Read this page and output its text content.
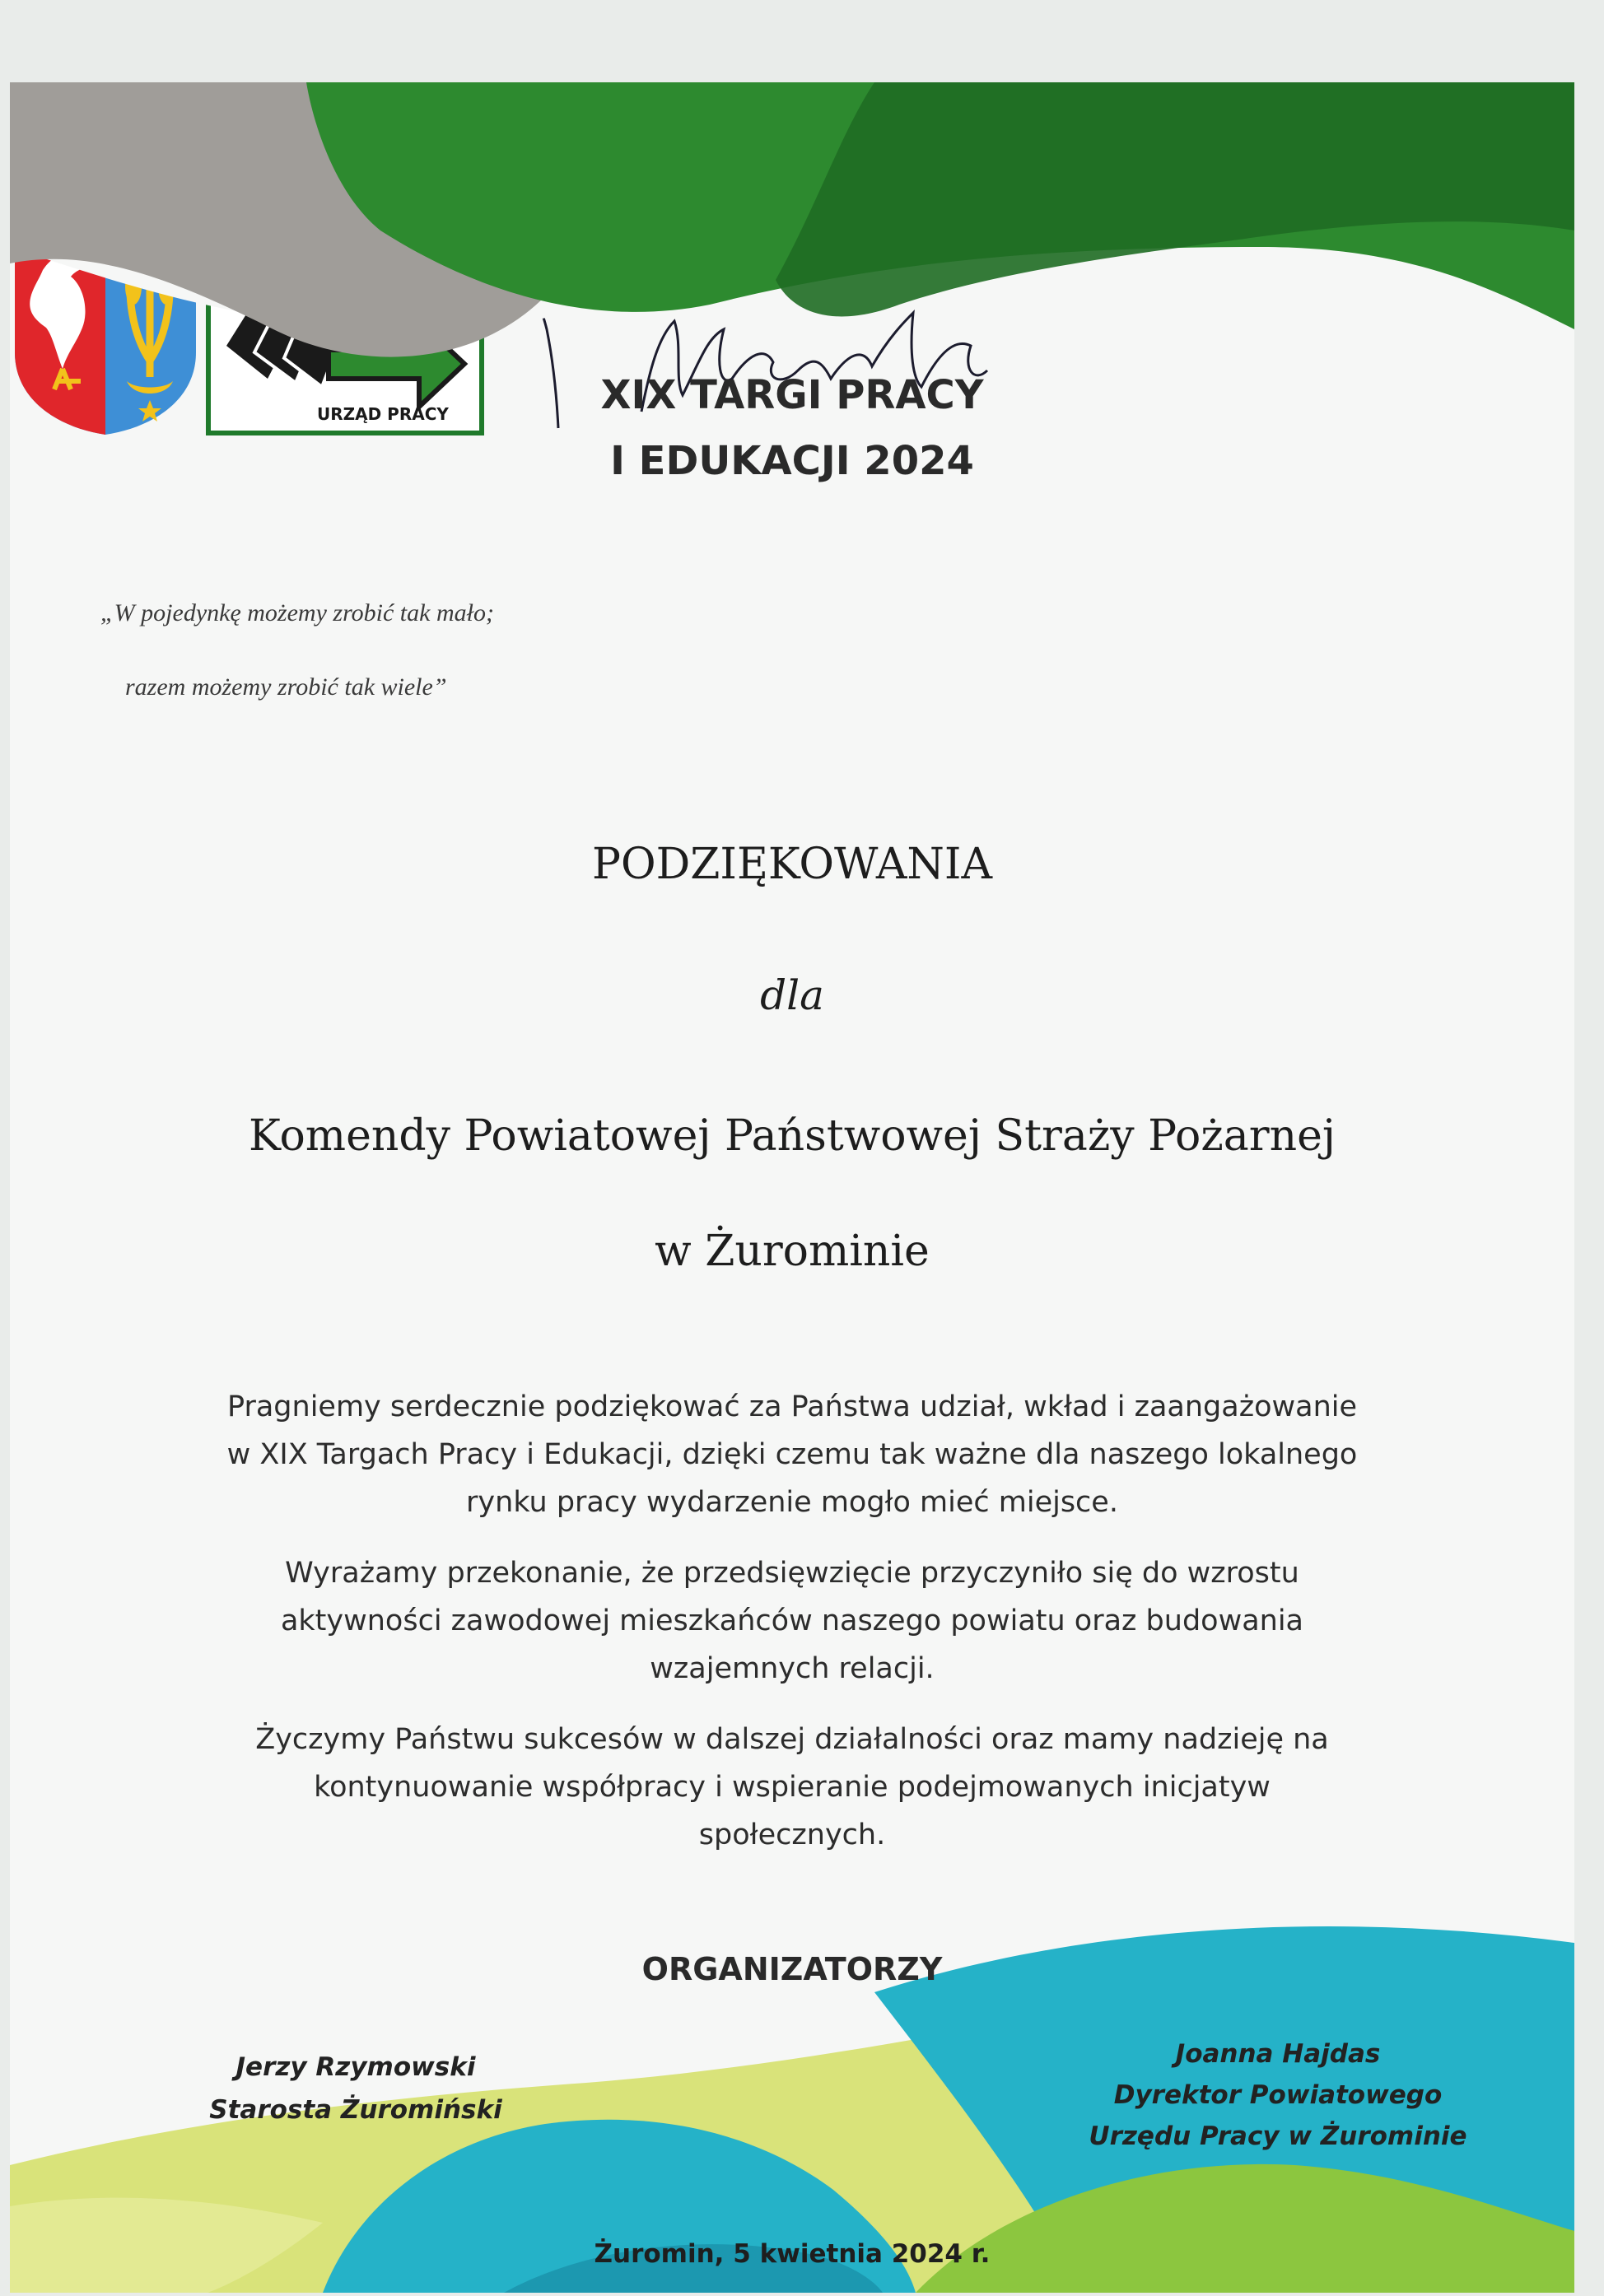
URZĄD PRACY
	XIX TARGI PRACY
I EDUKACJI 2024
„W pojedynkę możemy zrobić tak mało;
razem możemy zrobić tak wiele”
PODZIĘKOWANIA
dla
Komendy Powiatowej Państwowej Straży Pożarnej
w Żurominie

Pragniemy serdecznie podziękować za Państwa udział, wkład i zaangażowanie
w XIX Targach Pracy i Edukacji, dzięki czemu tak ważne dla naszego lokalnego
rynku pracy wydarzenie mogło mieć miejsce.

Wyrażamy przekonanie, że przedsięwzięcie przyczyniło się do wzrostu
aktywności zawodowej mieszkańców naszego powiatu oraz budowania
wzajemnych relacji.

Życzymy Państwu sukcesów w dalszej działalności oraz mamy nadzieję na
kontynuowanie współpracy i wspieranie podejmowanych inicjatyw
społecznych.

ORGANIZATORZY
Jerzy Rzymowski
Starosta Żuromiński
Joanna Hajdas
Dyrektor Powiatowego
Urzędu Pracy w Żurominie

Żuromin, 5 kwietnia 2024 r.
